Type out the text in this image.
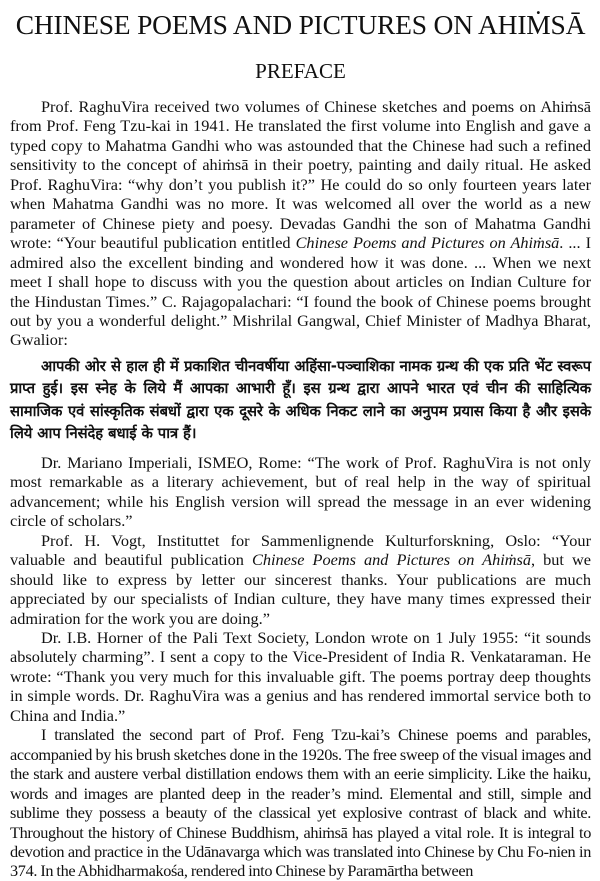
CHINESE POEMS AND PICTURES ON AHIṀSĀ
PREFACE

Prof. RaghuVira received two volumes of Chinese sketches and poems on Ahiṁsā from Prof. Feng Tzu-kai in 1941. He translated the first volume into English and gave a typed copy to Mahatma Gandhi who was astounded that the Chinese had such a refined sensitivity to the concept of ahiṁsā in their poetry, painting and daily ritual. He asked Prof. RaghuVira: “why don’t you publish it?” He could do so only fourteen years later when Mahatma Gandhi was no more. It was welcomed all over the world as a new parameter of Chinese piety and poesy. Devadas Gandhi the son of Mahatma Gandhi wrote: “Your beautiful publication entitled Chinese Poems and Pictures on Ahiṁsā. ... I admired also the excellent binding and wondered how it was done. ... When we next meet I shall hope to discuss with you the question about articles on Indian Culture for the Hindustan Times.” C. Rajagopalachari: “I found the book of Chinese poems brought out by you a wonderful delight.” Mishrilal Gangwal, Chief Minister of Madhya Bharat, Gwalior:

आपकी ओर से हाल ही में प्रकाशित चीनवर्षीया अहिंसा-पञ्चाशिका नामक ग्रन्थ की एक प्रति भेंट स्वरूप प्राप्त हुई। इस स्नेह के लिये मैं आपका आभारी हूँ। इस ग्रन्थ द्वारा आपने भारत एवं चीन की साहित्यिक सामाजिक एवं सांस्कृतिक संबधों द्वारा एक दूसरे के अधिक निकट लाने का अनुपम प्रयास किया है और इसके लिये आप निसंदेह बधाई के पात्र हैं।

Dr. Mariano Imperiali, ISMEO, Rome: “The work of Prof. RaghuVira is not only most remarkable as a literary achievement, but of real help in the way of spiritual advancement; while his English version will spread the message in an ever widening circle of scholars.”

Prof. H. Vogt, Instituttet for Sammenlignende Kulturforskning, Oslo: “Your valuable and beautiful publication Chinese Poems and Pictures on Ahiṁsā, but we should like to express by letter our sincerest thanks. Your publications are much appreciated by our specialists of Indian culture, they have many times expressed their admiration for the work you are doing.”

Dr. I.B. Horner of the Pali Text Society, London wrote on 1 July 1955: “it sounds absolutely charming”. I sent a copy to the Vice-President of India R. Venkataraman. He wrote: “Thank you very much for this invaluable gift. The poems portray deep thoughts in simple words. Dr. RaghuVira was a genius and has rendered immortal service both to China and India.”

I translated the second part of Prof. Feng Tzu-kai’s Chinese poems and parables, accompanied by his brush sketches done in the 1920s. The free sweep of the visual images and the stark and austere verbal distillation endows them with an eerie simplicity. Like the haiku, words and images are planted deep in the reader’s mind. Elemental and still, simple and sublime they possess a beauty of the classical yet explosive contrast of black and white. Throughout the history of Chinese Buddhism, ahiṁsā has played a vital role. It is integral to devotion and practice in the Udānavarga which was translated into Chinese by Chu Fo-nien in 374. In the Abhidharmakośa, rendered into Chinese by Paramārtha between
